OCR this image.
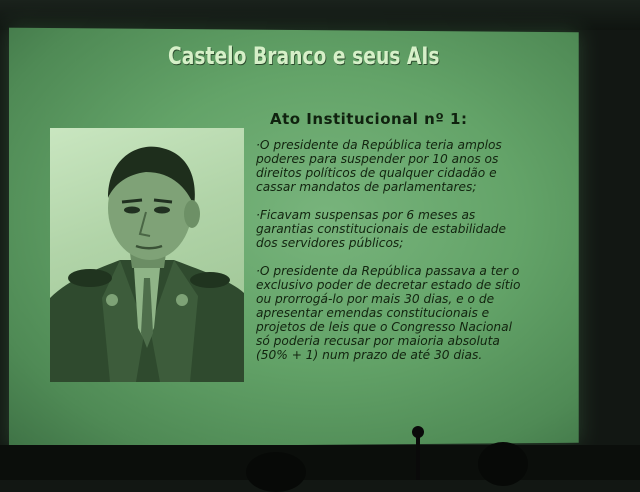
Castelo Branco e seus AIs
Ato Institucional nº 1:
·O presidente da República teria amplos poderes para suspender por 10 anos os direitos políticos de qualquer cidadão e cassar mandatos de parlamentares;
·Ficavam suspensas por 6 meses as garantias constitucionais de estabilidade dos servidores públicos;
·O presidente da República passava a ter o exclusivo poder de decretar estado de sítio ou prorrogá-lo por mais 30 dias, e o de apresentar emendas constitucionais e projetos de leis que o Congresso Nacional só poderia recusar por maioria absoluta (50% + 1) num prazo de até 30 dias.
